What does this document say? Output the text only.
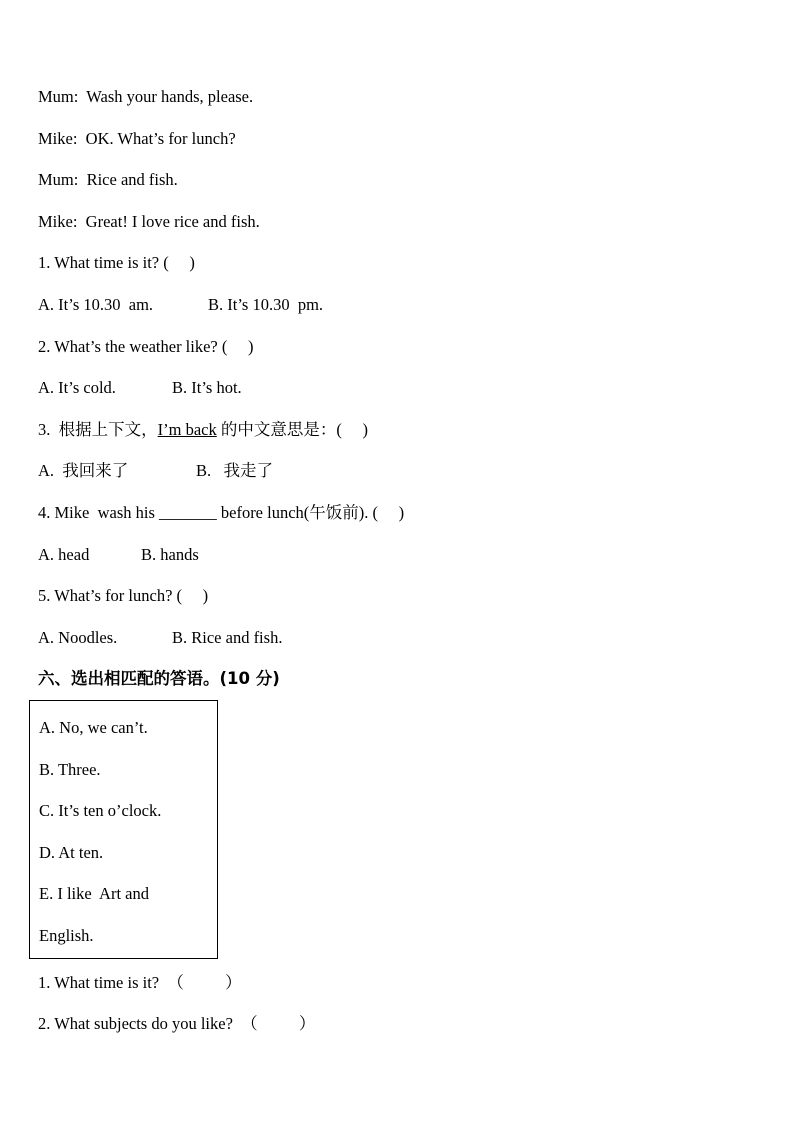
Mum: Wash your hands, please.
Mike: OK. What’s for lunch?
Mum: Rice and fish.
Mike: Great! I love rice and fish.
1. What time is it? (     )
A. It’s 10.30  am.	B. It’s 10.30  pm.
2. What’s the weather like? (     )
A. It’s cold.	B. It’s hot.
3.  根据上下文，I’m back 的中文意思是：(     )
A.  我回来了	B.   我走了
4. Mike  wash his _______ before lunch(午饭前). (     )
A. head	B. hands
5. What’s for lunch? (     )
A. Noodles.	B. Rice and fish.
六、选出相匹配的答语。(10 分)
A. No, we can’t.
B. Three.
C. It’s ten o’clock.
D. At ten.
E. I like  Art and
English.
1. What time is it?  （          ）
2. What subjects do you like?  （          ）
